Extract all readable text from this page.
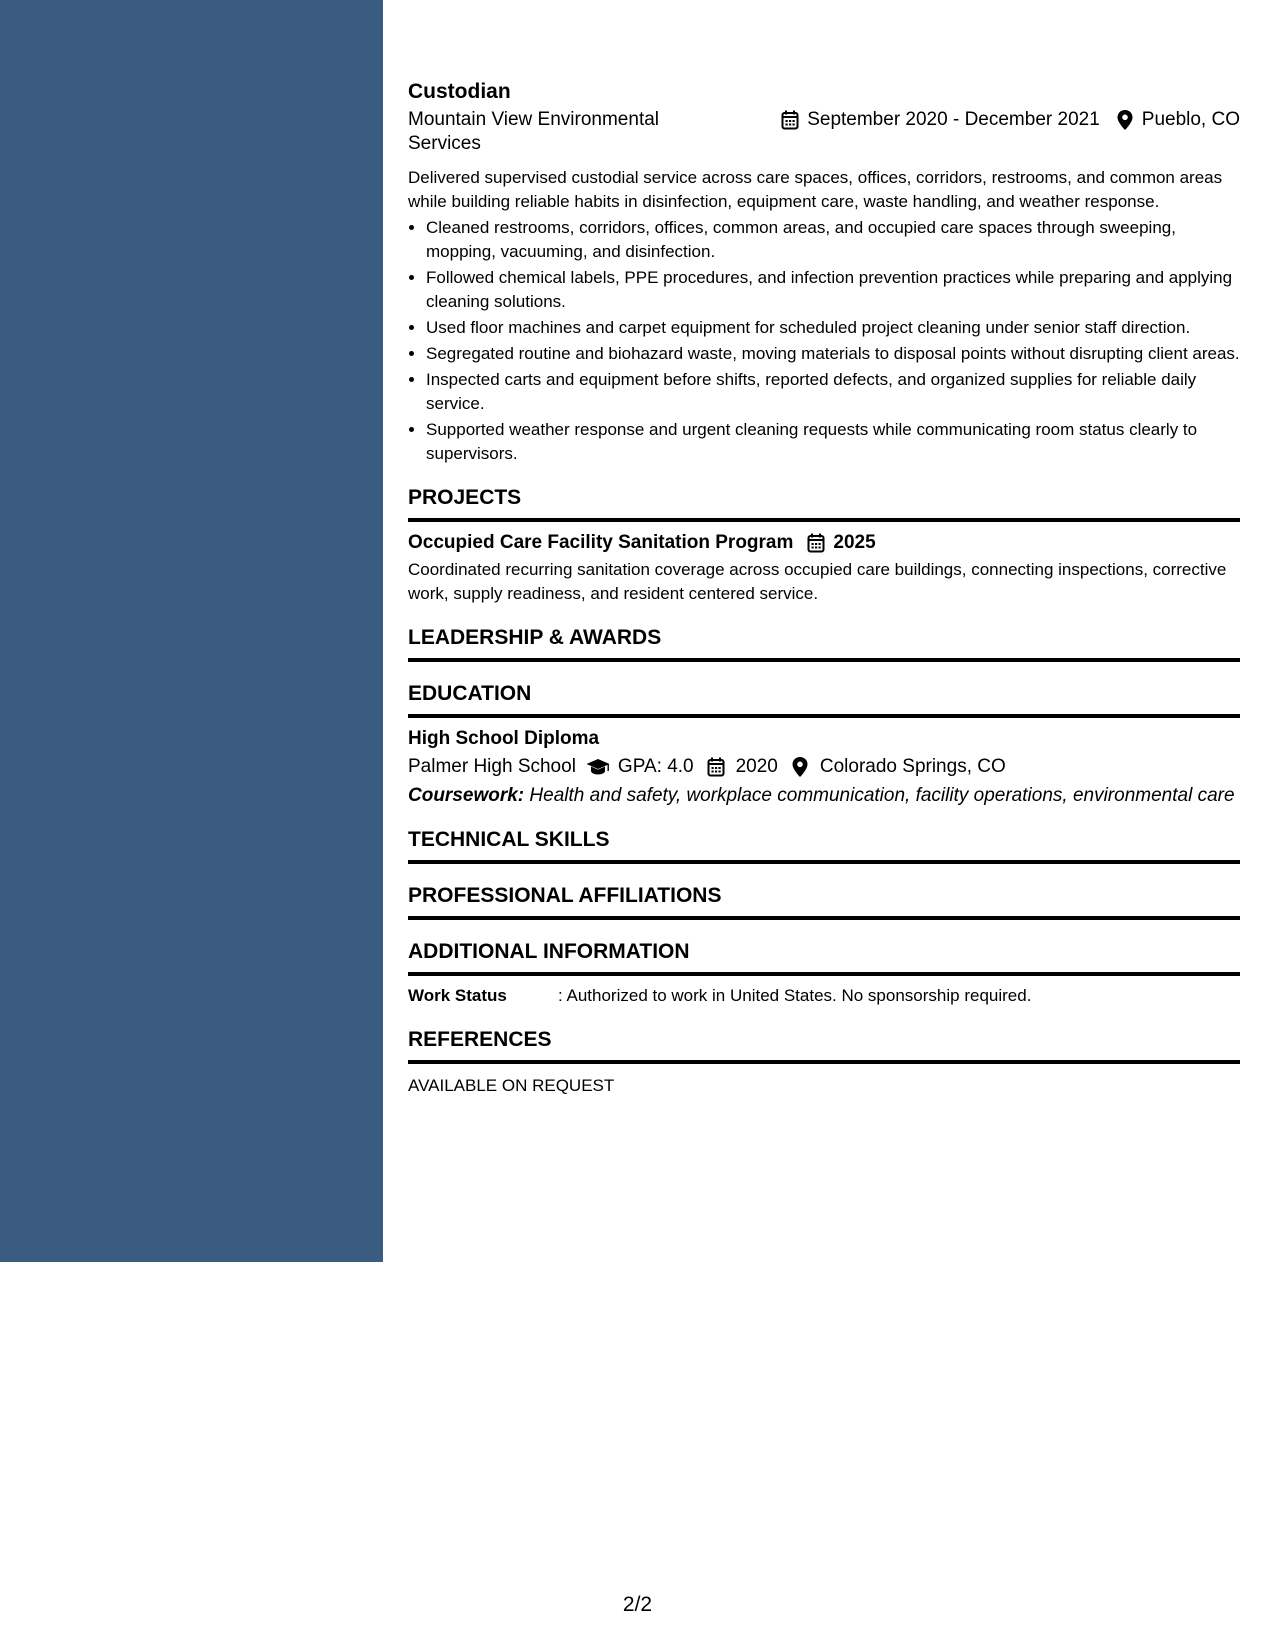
Custodian
Mountain View Environmental Services
September 2020 - December 2021 Pueblo, CO

Delivered supervised custodial service across care spaces, offices, corridors, restrooms, and common areas while building reliable habits in disinfection, equipment care, waste handling, and weather response.

• Cleaned restrooms, corridors, offices, common areas, and occupied care spaces through sweeping, mopping, vacuuming, and disinfection.
• Followed chemical labels, PPE procedures, and infection prevention practices while preparing and applying cleaning solutions.
• Used floor machines and carpet equipment for scheduled project cleaning under senior staff direction.
• Segregated routine and biohazard waste, moving materials to disposal points without disrupting client areas.
• Inspected carts and equipment before shifts, reported defects, and organized supplies for reliable daily service.
• Supported weather response and urgent cleaning requests while communicating room status clearly to supervisors.
PROJECTS
Occupied Care Facility Sanitation Program 2025

Coordinated recurring sanitation coverage across occupied care buildings, connecting inspections, corrective work, supply readiness, and resident centered service.

LEADERSHIP & AWARDS
EDUCATION
High School Diploma
Palmer High School GPA: 4.0 2020 Colorado Springs, CO

Coursework: Health and safety, workplace communication, facility operations, environmental care

TECHNICAL SKILLS
PROFESSIONAL AFFILIATIONS
ADDITIONAL INFORMATION
Work Status	: Authorized to work in United States. No sponsorship required.
REFERENCES

AVAILABLE ON REQUEST

2/2
